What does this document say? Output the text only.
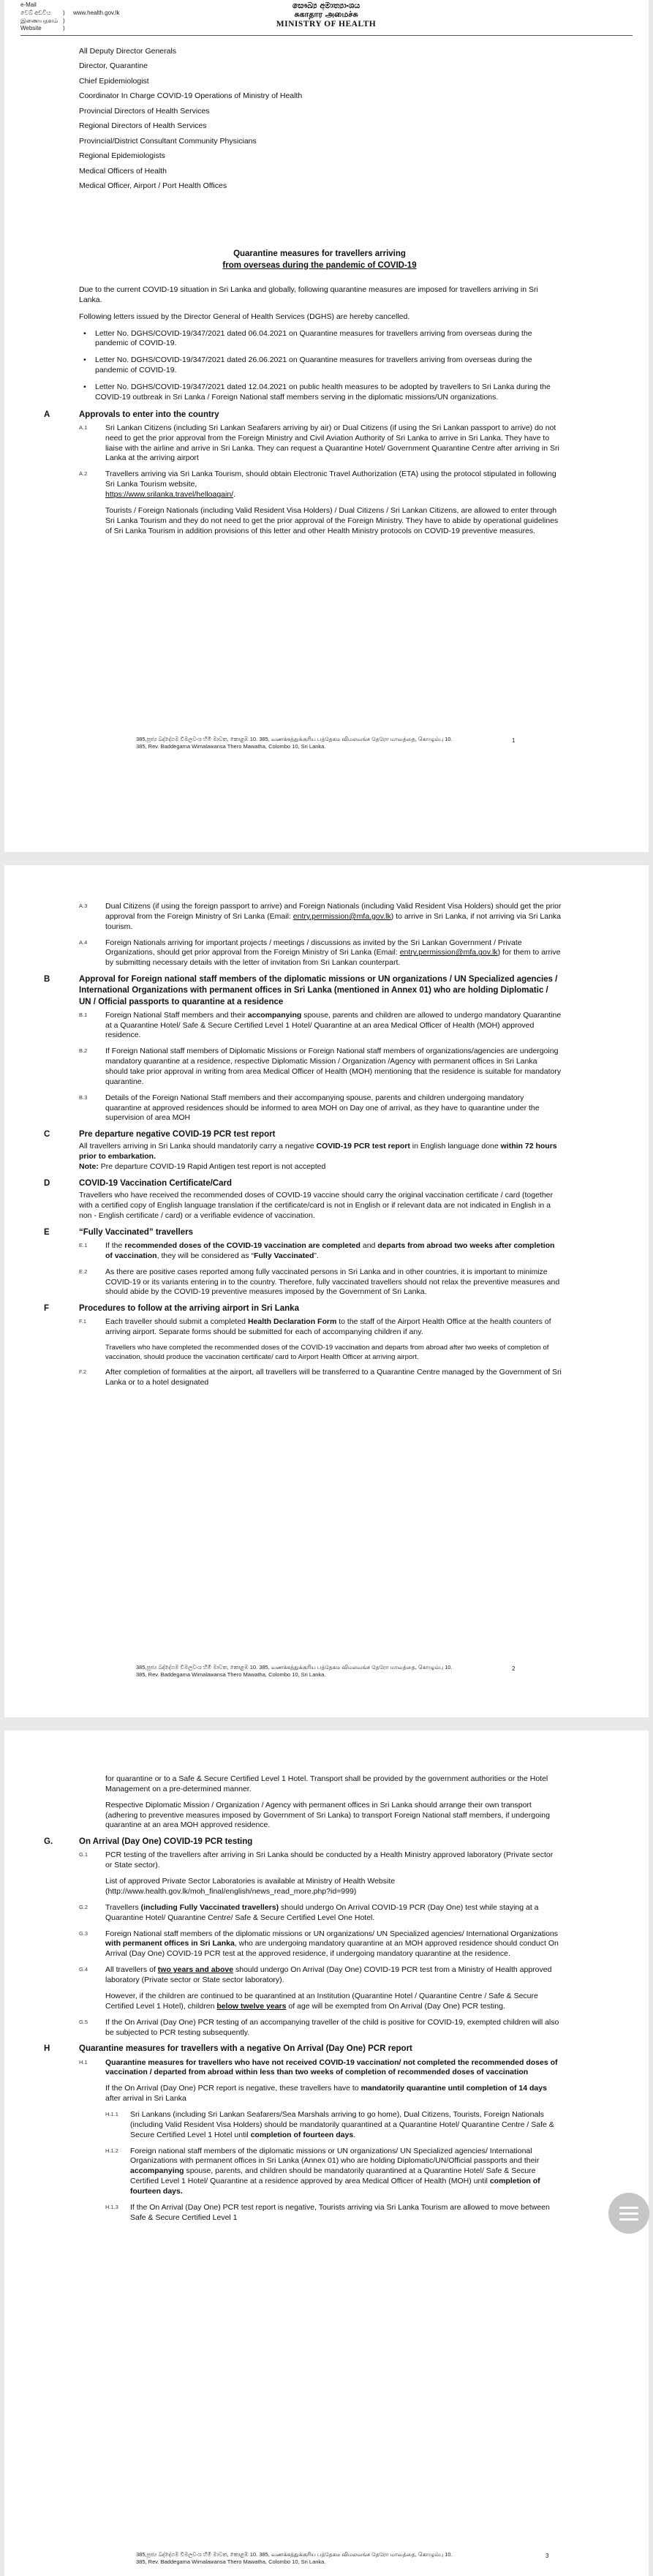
e-Mail
වෙබ් අඩවිය	)	www.health.gov.lk
இணையதளம் )
Website	)
සෞඛ්‍ය අමාත්‍යාංශය
சுகாதார அமைச்சு
MINISTRY OF HEALTH
All Deputy Director Generals
Director, Quarantine
Chief Epidemiologist
Coordinator In Charge COVID-19 Operations of Ministry of Health
Provincial Directors of Health Services
Regional Directors of Health Services
Provincial/District Consultant Community Physicians
Regional Epidemiologists
Medical Officers of Health
Medical Officer, Airport / Port Health Offices
Quarantine measures for travellers arriving
from overseas during the pandemic of COVID-19

Due to the current COVID-19 situation in Sri Lanka and globally, following quarantine measures are imposed for travellers arriving in Sri Lanka.

Following letters issued by the Director General of Health Services (DGHS) are hereby cancelled.

• Letter No. DGHS/COVID-19/347/2021 dated 06.04.2021 on Quarantine measures for travellers arriving from overseas during the pandemic of COVID-19.

• Letter No. DGHS/COVID-19/347/2021 dated 26.06.2021 on Quarantine measures for travellers arriving from overseas during the pandemic of COVID-19.

• Letter No. DGHS/COVID-19/347/2021 dated 12.04.2021 on public health measures to be adopted by travellers to Sri Lanka during the COVID-19 outbreak in Sri Lanka / Foreign National staff members serving in the diplomatic missions/UN organizations.

A	Approvals to enter into the country
A.1 Sri Lankan Citizens (including Sri Lankan Seafarers arriving by air) or Dual Citizens (if using the Sri Lankan passport to arrive) do not need to get the prior approval from the Foreign Ministry and Civil Aviation Authority of Sri Lanka to arrive in Sri Lanka. They have to liaise with the airline and arrive in Sri Lanka. They can request a Quarantine Hotel/ Government Quarantine Centre after arriving in Sri Lanka at the arriving airport
A.2 Travellers arriving via Sri Lanka Tourism, should obtain Electronic Travel Authorization (ETA) using the protocol stipulated in following Sri Lanka Tourism website,
https://www.srilanka.travel/helloagain/.
Tourists / Foreign Nationals (including Valid Resident Visa Holders) / Dual Citizens / Sri Lankan Citizens, are allowed to enter through Sri Lanka Tourism and they do not need to get the prior approval of the Foreign Ministry. They have to abide by operational guidelines of Sri Lanka Tourism in addition provisions of this letter and other Health Ministry protocols on COVID-19 preventive measures.
385,පූජ්‍ය බද්දේගම විමලවංශ හිමි මාවත, කොළඹ 10. 385, வணக்கத்துக்குரிய பத்தேகம விமலவங்ச தேரோ மாவத்தை, கொழும்பு 10.
385, Rev. Baddegama Wimalawansa Thero Mawatha, Colombo 10, Sri Lanka.
1
A.3 Dual Citizens (if using the foreign passport to arrive) and Foreign Nationals (including Valid Resident Visa Holders) should get the prior approval from the Foreign Ministry of Sri Lanka (Email: entry.permission@mfa.gov.lk) to arrive in Sri Lanka, if not arriving via Sri Lanka tourism.
A.4 Foreign Nationals arriving for important projects / meetings / discussions as invited by the Sri Lankan Government / Private Organizations, should get prior approval from the Foreign Ministry of Sri Lanka (Email: entry.permission@mfa.gov.lk) for them to arrive by submitting necessary details with the letter of invitation from Sri Lankan counterpart.
B	Approval for Foreign national staff members of the diplomatic missions or UN organizations / UN Specialized agencies / International Organizations with permanent offices in Sri Lanka (mentioned in Annex 01) who are holding Diplomatic / UN / Official passports to quarantine at a residence
B.1 Foreign National Staff members and their accompanying spouse, parents and children are allowed to undergo mandatory Quarantine at a Quarantine Hotel/ Safe & Secure Certified Level 1 Hotel/ Quarantine at an area Medical Officer of Health (MOH) approved residence.
B.2 If Foreign National staff members of Diplomatic Missions or Foreign National staff members of organizations/agencies are undergoing mandatory quarantine at a residence, respective Diplomatic Mission / Organization /Agency with permanent offices in Sri Lanka should take prior approval in writing from area Medical Officer of Health (MOH) mentioning that the residence is suitable for mandatory quarantine.
B.3 Details of the Foreign National Staff members and their accompanying spouse, parents and children undergoing mandatory quarantine at approved residences should be informed to area MOH on Day one of arrival, as they have to quarantine under the supervision of area MOH
C	Pre departure negative COVID-19 PCR test report
All travellers arriving in Sri Lanka should mandatorily carry a negative COVID-19 PCR test report in English language done within 72 hours prior to embarkation.
Note: Pre departure COVID-19 Rapid Antigen test report is not accepted
D	COVID-19 Vaccination Certificate/Card
Travellers who have received the recommended doses of COVID-19 vaccine should carry the original vaccination certificate / card (together with a certified copy of English language translation if the certificate/card is not in English or if relevant data are not indicated in English in a non - English certificate / card) or a verifiable evidence of vaccination.
E	“Fully Vaccinated” travellers
E.1 If the recommended doses of the COVID-19 vaccination are completed and departs from abroad two weeks after completion of vaccination, they will be considered as “Fully Vaccinated”.
E.2 As there are positive cases reported among fully vaccinated persons in Sri Lanka and in other countries, it is important to minimize COVID-19 or its variants entering in to the country. Therefore, fully vaccinated travellers should not relax the preventive measures and should abide by the COVID-19 preventive measures imposed by the Government of Sri Lanka.
F	Procedures to follow at the arriving airport in Sri Lanka
F.1 Each traveller should submit a completed Health Declaration Form to the staff of the Airport Health Office at the health counters of arriving airport. Separate forms should be submitted for each of accompanying children if any.
Travellers who have completed the recommended doses of the COVID-19 vaccination and departs from abroad after two weeks of completion of vaccination, should produce the vaccination certificate/ card to Airport Health Officer at arriving airport.
F.2 After completion of formalities at the airport, all travellers will be transferred to a Quarantine Centre managed by the Government of Sri Lanka or to a hotel designated
385,පූජ්‍ය බද්දේගම විමලවංශ හිමි මාවත, කොළඹ 10. 385, வணக்கத்துக்குரிய பத்தேகம விமலவங்ச தேரோ மாவத்தை, கொழும்பு 10.
385, Rev. Baddegama Wimalawansa Thero Mawatha, Colombo 10, Sri Lanka.
2
for quarantine or to a Safe & Secure Certified Level 1 Hotel. Transport shall be provided by the government authorities or the Hotel Management on a pre-determined manner.
Respective Diplomatic Mission / Organization / Agency with permanent offices in Sri Lanka should arrange their own transport (adhering to preventive measures imposed by Government of Sri Lanka) to transport Foreign National staff members, if undergoing quarantine at an area MOH approved residence.
G.	On Arrival (Day One) COVID-19 PCR testing
G.1 PCR testing of the travellers after arriving in Sri Lanka should be conducted by a Health Ministry approved laboratory (Private sector or State sector).
List of approved Private Sector Laboratories is available at Ministry of Health Website (http://www.health.gov.lk/moh_final/english/news_read_more.php?id=999)
G.2 Travellers (including Fully Vaccinated travellers) should undergo On Arrival COVID-19 PCR (Day One) test while staying at a Quarantine Hotel/ Quarantine Centre/ Safe & Secure Certified Level One Hotel.
G.3 Foreign National staff members of the diplomatic missions or UN organizations/ UN Specialized agencies/ International Organizations with permanent offices in Sri Lanka, who are undergoing mandatory quarantine at an MOH approved residence should conduct On Arrival (Day One) COVID-19 PCR test at the approved residence, if undergoing mandatory quarantine at the residence.
G.4 All travellers of two years and above should undergo On Arrival (Day One) COVID-19 PCR test from a Ministry of Health approved laboratory (Private sector or State sector laboratory).
However, if the children are continued to be quarantined at an Institution (Quarantine Hotel / Quarantine Centre / Safe & Secure Certified Level 1 Hotel), children below twelve years of age will be exempted from On Arrival (Day One) PCR testing.
G.5 If the On Arrival (Day One) PCR testing of an accompanying traveller of the child is positive for COVID-19, exempted children will also be subjected to PCR testing subsequently.
H	Quarantine measures for travellers with a negative On Arrival (Day One) PCR report
H.1 Quarantine measures for travellers who have not received COVID-19 vaccination/ not completed the recommended doses of vaccination / departed from abroad within less than two weeks of completion of recommended doses of vaccination
If the On Arrival (Day One) PCR report is negative, these travellers have to mandatorily quarantine until completion of 14 days after arrival in Sri Lanka
H.1.1 Sri Lankans (including Sri Lankan Seafarers/Sea Marshals arriving to go home), Dual Citizens, Tourists, Foreign Nationals (including Valid Resident Visa Holders) should be mandatorily quarantined at a Quarantine Hotel/ Quarantine Centre / Safe & Secure Certified Level 1 Hotel until completion of fourteen days.
H.1.2 Foreign national staff members of the diplomatic missions or UN organizations/ UN Specialized agencies/ International Organizations with permanent offices in Sri Lanka (Annex 01) who are holding Diplomatic/UN/Official passports and their accompanying spouse, parents, and children should be mandatorily quarantined at a Quarantine Hotel/ Safe & Secure Certified Level 1 Hotel/ Quarantine at a residence approved by area Medical Officer of Health (MOH) until completion of fourteen days.
H.1.3 If the On Arrival (Day One) PCR test report is negative, Tourists arriving via Sri Lanka Tourism are allowed to move between Safe & Secure Certified Level 1
385,පූජ්‍ය බද්දේගම විමලවංශ හිමි මාවත, කොළඹ 10. 385, வணக்கத்துக்குரிய பத்தேகம விமலவங்ச தேரோ மாவத்தை, கொழும்பு 10.
385, Rev. Baddegama Wimalawansa Thero Mawatha, Colombo 10, Sri Lanka.
3
